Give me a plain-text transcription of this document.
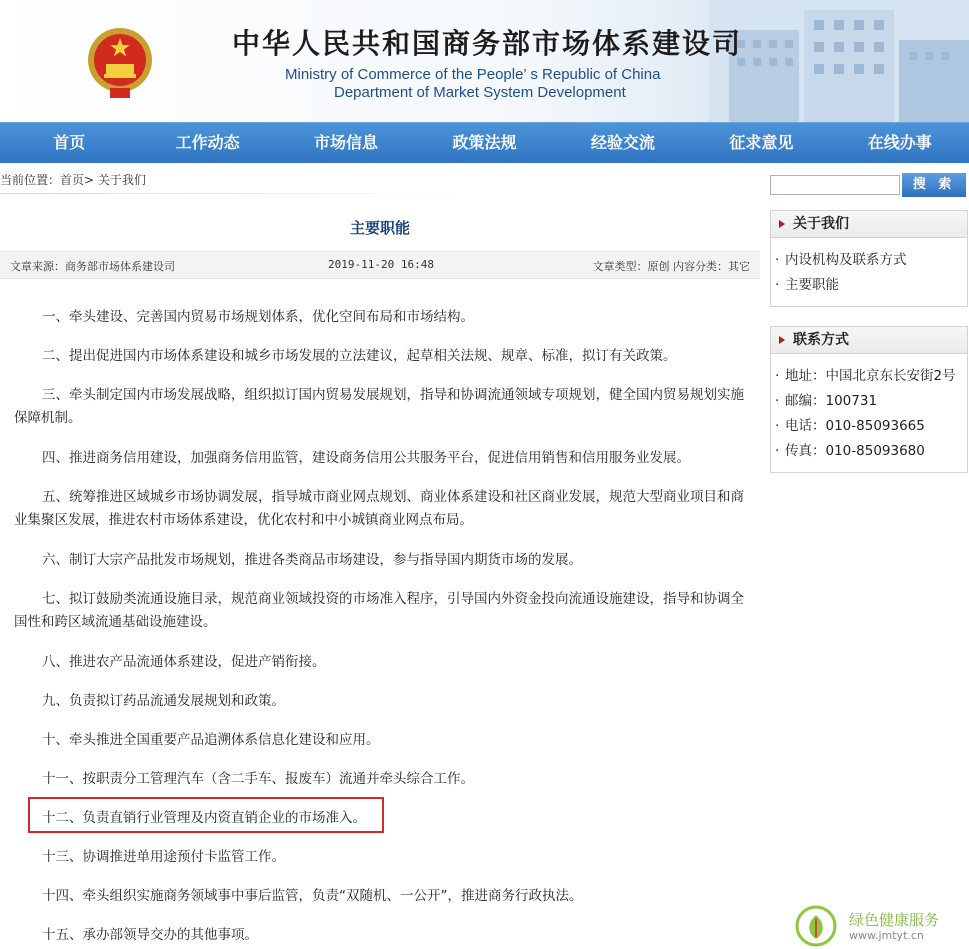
中华人民共和国商务部市场体系建设司
Ministry of Commerce of the People’ s Republic of China
Department of Market System Development
首页	工作动态	市场信息	政策法规	经验交流	征求意见	在线办事
当前位置：首页> 关于我们
主要职能
文章来源：商务部市场体系建设司	2019-11-20 16:48	文章类型：原创 内容分类：其它

一、牵头建设、完善国内贸易市场规划体系，优化空间布局和市场结构。

二、提出促进国内市场体系建设和城乡市场发展的立法建议，起草相关法规、规章、标准，拟订有关政策。

三、牵头制定国内市场发展战略，组织拟订国内贸易发展规划，指导和协调流通领域专项规划，健全国内贸易规划实施保障机制。

四、推进商务信用建设，加强商务信用监管，建设商务信用公共服务平台，促进信用销售和信用服务业发展。

五、统筹推进区域城乡市场协调发展，指导城市商业网点规划、商业体系建设和社区商业发展，规范大型商业项目和商业集聚区发展，推进农村市场体系建设，优化农村和中小城镇商业网点布局。

六、制订大宗产品批发市场规划，推进各类商品市场建设，参与指导国内期货市场的发展。

七、拟订鼓励类流通设施目录，规范商业领域投资的市场准入程序，引导国内外资金投向流通设施建设，指导和协调全国性和跨区域流通基础设施建设。

八、推进农产品流通体系建设，促进产销衔接。

九、负责拟订药品流通发展规划和政策。

十、牵头推进全国重要产品追溯体系信息化建设和应用。

十一、按职责分工管理汽车（含二手车、报废车）流通并牵头综合工作。

十二、负责直销行业管理及内资直销企业的市场准入。

十三、协调推进单用途预付卡监管工作。

十四、牵头组织实施商务领域事中事后监管，负责“双随机、一公开”，推进商务行政执法。

十五、承办部领导交办的其他事项。

搜 索
关于我们
· 内设机构及联系方式
· 主要职能
联系方式
· 地址：中国北京东长安街2号
· 邮编：100731
· 电话：010-85093665
· 传真：010-85093680
绿色健康服务
www.jmtyt.cn
